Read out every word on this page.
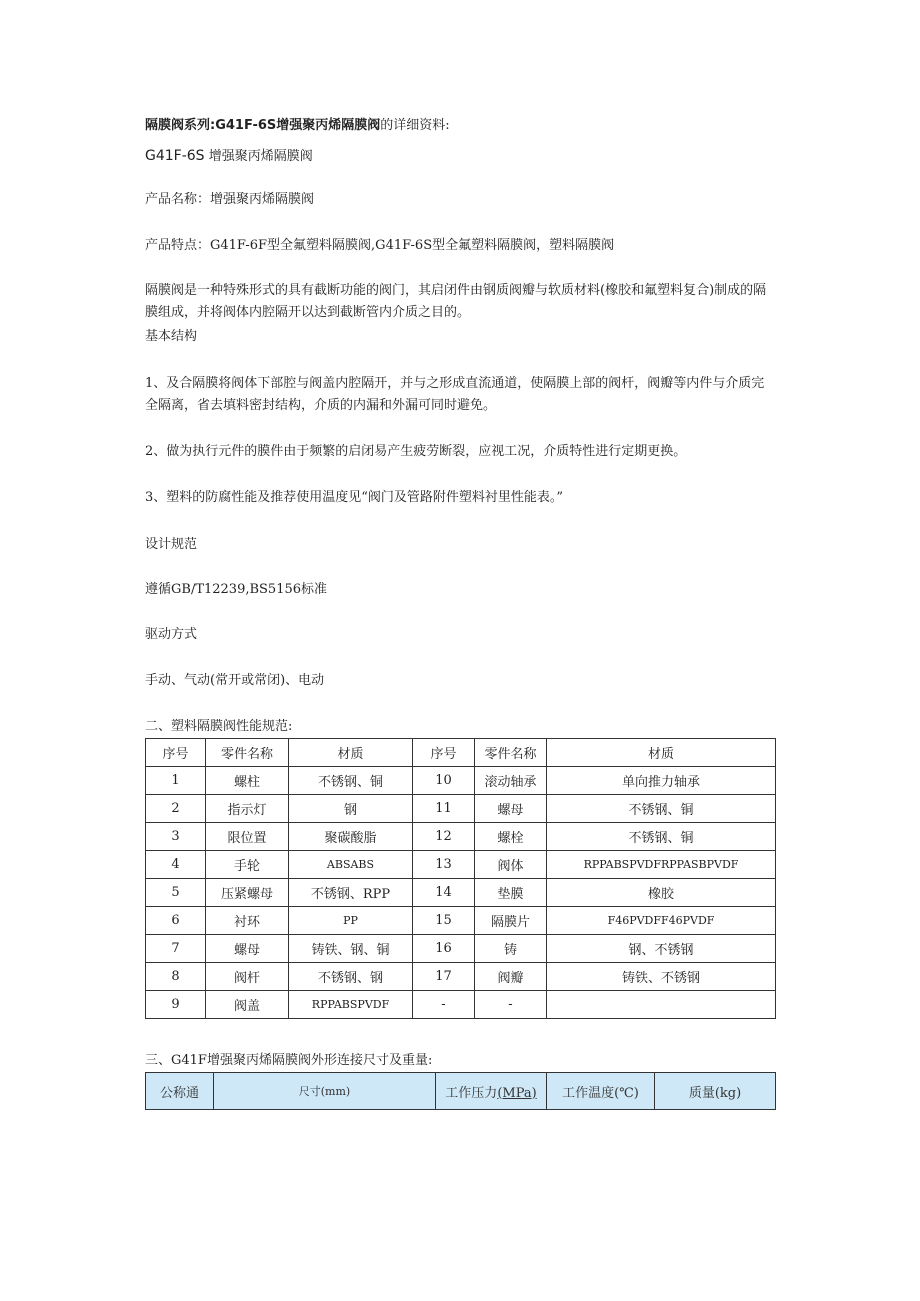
隔膜阀系列:G41F-6S增强聚丙烯隔膜阀的详细资料:
G41F-6S 增强聚丙烯隔膜阀
产品名称：增强聚丙烯隔膜阀
产品特点：G41F-6F型全氟塑料隔膜阀,G41F-6S型全氟塑料隔膜阀，塑料隔膜阀
隔膜阀是一种特殊形式的具有截断功能的阀门，其启闭件由钢质阀瓣与软质材料(橡胶和氟塑料复合)制成的隔膜组成，并将阀体内腔隔开以达到截断管内介质之目的。
基本结构
1、及合隔膜将阀体下部腔与阀盖内腔隔开，并与之形成直流通道，使隔膜上部的阀杆，阀瓣等内件与介质完全隔离，省去填料密封结构，介质的内漏和外漏可同时避免。
2、做为执行元件的膜件由于频繁的启闭易产生疲劳断裂，应视工况，介质特性进行定期更换。
3、塑料的防腐性能及推荐使用温度见“阀门及管路附件塑料衬里性能表。”
设计规范
遵循GB/T12239,BS5156标准
驱动方式
手动、气动(常开或常闭)、电动
二、塑料隔膜阀性能规范:
序号	零件名称	材质	序号	零件名称	材质
1	螺柱	不锈钢、铜	10	滚动轴承	单向推力轴承
2	指示灯	钢	11	螺母	不锈钢、铜
3	限位置	聚碳酸脂	12	螺栓	不锈钢、铜
4	手轮	ABSABS	13	阀体	RPPABSPVDFRPPASBPVDF
5	压紧螺母	不锈钢、RPP	14	垫膜	橡胶
6	衬环	PP	15	隔膜片	F46PVDFF46PVDF
7	螺母	铸铁、钢、铜	16	铸	钢、不锈钢
8	阀杆	不锈钢、钢	17	阀瓣	铸铁、不锈钢
9	阀盖	RPPABSPVDF	-	-	
三、G41F增强聚丙烯隔膜阀外形连接尺寸及重量:
公称通	尺寸(mm)	工作压力(MPa)	工作温度(℃)	质量(kg)
